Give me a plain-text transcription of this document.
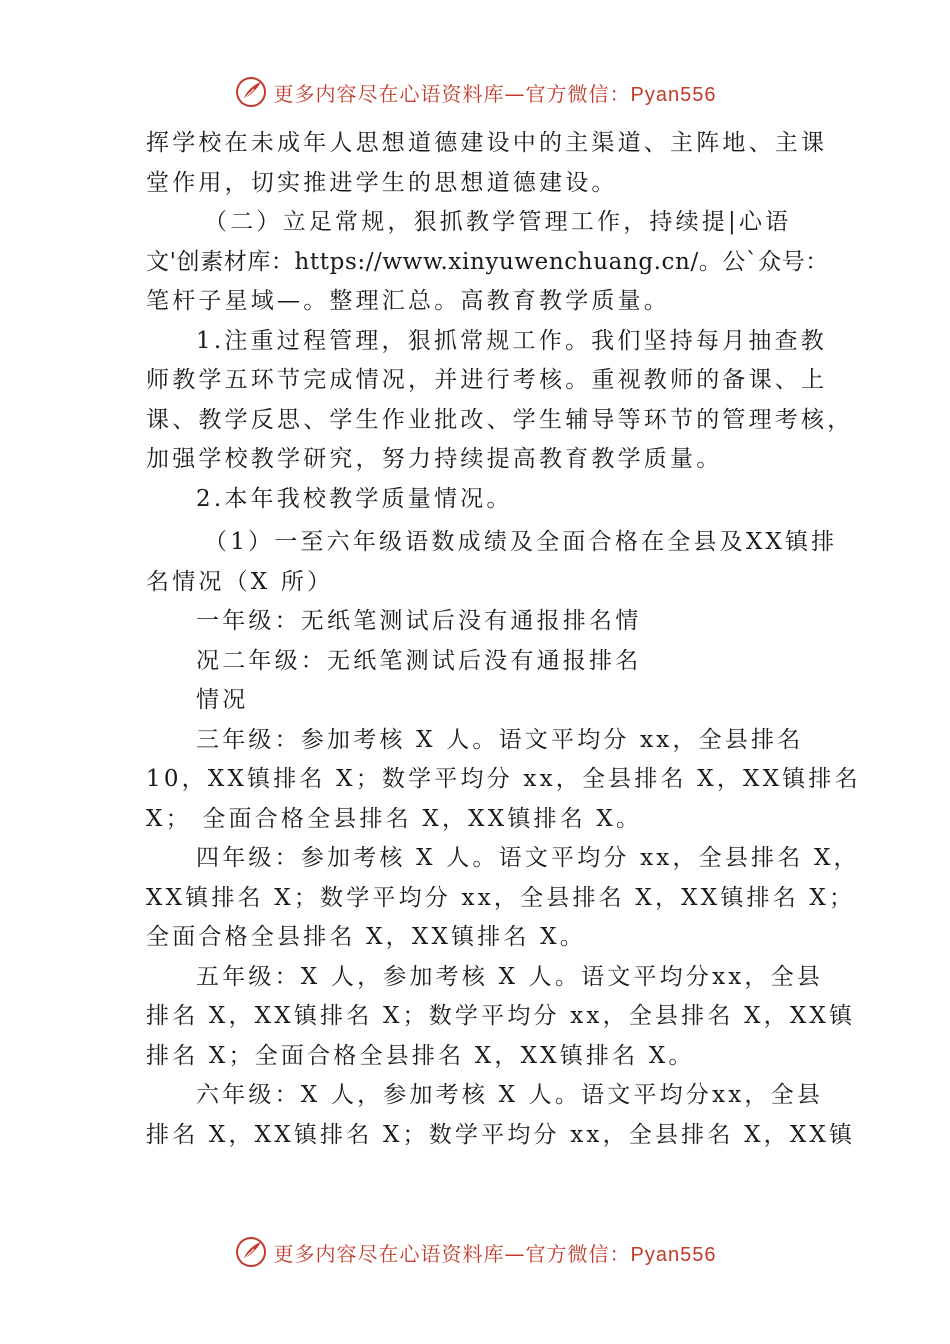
更多内容尽在心语资料库—官方微信：Pyan556
挥学校在未成年人思想道德建设中的主渠道、主阵地、主课
堂作用，切实推进学生的思想道德建设。
（二）立足常规，狠抓教学管理工作，持续提|心语
文'创素材库：https://www.xinyuwenchuang.cn/。公`众号：
笔杆子星域—。整理汇总。高教育教学质量。
1.注重过程管理，狠抓常规工作。我们坚持每月抽查教
师教学五环节完成情况，并进行考核。重视教师的备课、上
课、教学反思、学生作业批改、学生辅导等环节的管理考核，
加强学校教学研究，努力持续提高教育教学质量。
2.本年我校教学质量情况。
（1）一至六年级语数成绩及全面合格在全县及XX镇排
名情况（X 所）
一年级：无纸笔测试后没有通报排名情
况二年级：无纸笔测试后没有通报排名
情况
三年级：参加考核 X 人。语文平均分 xx，全县排名
10，XX镇排名 X；数学平均分 xx，全县排名 X，XX镇排名
X； 全面合格全县排名 X，XX镇排名 X。
四年级：参加考核 X 人。语文平均分 xx，全县排名 X，
XX镇排名 X；数学平均分 xx，全县排名 X，XX镇排名 X；
全面合格全县排名 X，XX镇排名 X。
五年级：X 人，参加考核 X 人。语文平均分xx，全县
排名 X，XX镇排名 X；数学平均分 xx，全县排名 X，XX镇
排名 X；全面合格全县排名 X，XX镇排名 X。
六年级：X 人，参加考核 X 人。语文平均分xx，全县
排名 X，XX镇排名 X；数学平均分 xx，全县排名 X，XX镇
更多内容尽在心语资料库—官方微信：Pyan556
